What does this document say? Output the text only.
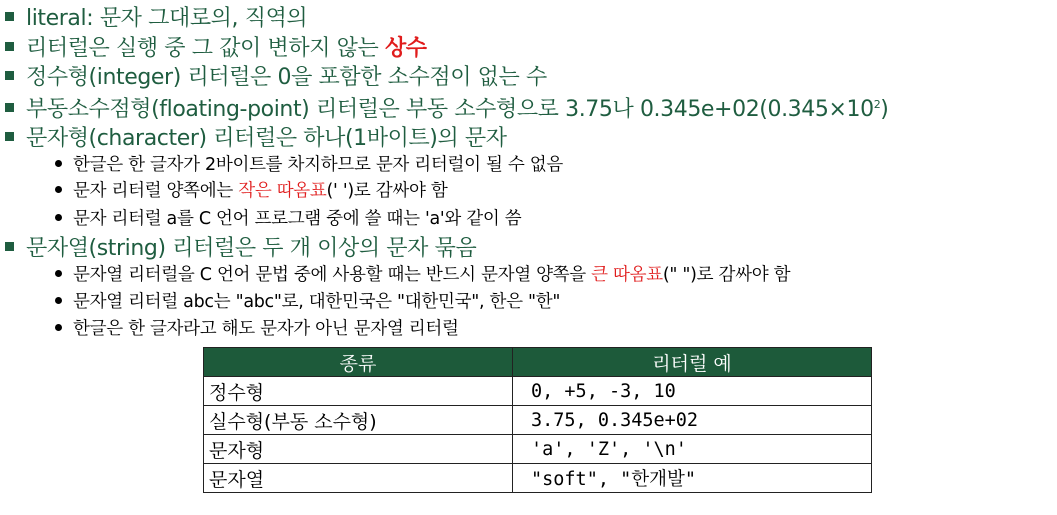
literal: 문자 그대로의, 직역의
리터럴은 실행 중 그 값이 변하지 않는 상수
정수형(integer) 리터럴은 0을 포함한 소수점이 없는 수
부동소수점형(floating-point) 리터럴은 부동 소수형으로 3.75나 $0.345e+02(0.345\times 10^2)$
문자형(character) 리터럴은 하나(1바이트)의 문자
한글은 한 글자가 2바이트를 차지하므로 문자 리터럴이 될 수 없음
문자 리터럴 양쪽에는 작은 따옴표(' ')로 감싸야 함
문자 리터럴 a를 C 언어 프로그램 중에 쓸 때는 'a'와 같이 씀
문자열(string) 리터럴은 두 개 이상의 문자 묶음
문자열 리터럴을 C 언어 문법 중에 사용할 때는 반드시 문자열 양쪽을 큰 따옴표(" ")로 감싸야 함
문자열 리터럴 abc는 "abc"로, 대한민국은 "대한민국", 한은 "한"
한글은 한 글자라고 해도 문자가 아닌 문자열 리터럴
종류	리터럴 예
정수형	0, +5, -3, 10
실수형(부동 소수형)	3.75, 0.345e+02
문자형	'a', 'Z', '\n'
문자열	"soft", "한개발"
